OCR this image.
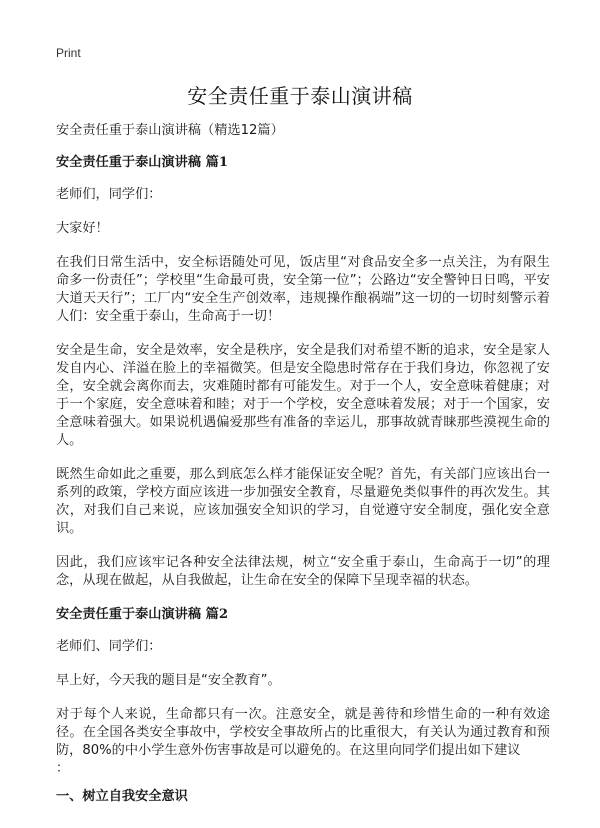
Print
安全责任重于泰山演讲稿

安全责任重于泰山演讲稿（精选12篇）

安全责任重于泰山演讲稿 篇1

老师们，同学们：

大家好！

在我们日常生活中，安全标语随处可见，饭店里“对食品安全多一点关注，为有限生命多一份责任”；学校里“生命最可贵，安全第一位”；公路边“安全警钟日日鸣，平安大道天天行”；工厂内“安全生产创效率，违规操作酿祸端”这一切的一切时刻警示着人们：安全重于泰山，生命高于一切！

安全是生命，安全是效率，安全是秩序，安全是我们对希望不断的追求，安全是家人发自内心、洋溢在脸上的幸福微笑。但是安全隐患时常存在于我们身边，你忽视了安全，安全就会离你而去，灾难随时都有可能发生。对于一个人，安全意味着健康；对于一个家庭，安全意味着和睦；对于一个学校，安全意味着发展；对于一个国家，安全意味着强大。如果说机遇偏爱那些有准备的幸运儿，那事故就青睐那些漠视生命的人。

既然生命如此之重要，那么到底怎么样才能保证安全呢？首先，有关部门应该出台一系列的政策，学校方面应该进一步加强安全教育，尽量避免类似事件的再次发生。其次，对我们自己来说，应该加强安全知识的学习，自觉遵守安全制度，强化安全意识。

因此，我们应该牢记各种安全法律法规，树立“安全重于泰山，生命高于一切”的理念，从现在做起，从自我做起，让生命在安全的保障下呈现幸福的状态。

安全责任重于泰山演讲稿 篇2

老师们、同学们：

早上好，今天我的题目是“安全教育”。

对于每个人来说，生命都只有一次。注意安全，就是善待和珍惜生命的一种有效途径。在全国各类安全事故中，学校安全事故所占的比重很大，有关认为通过教育和预防，80%的中小学生意外伤害事故是可以避免的。在这里向同学们提出如下建议

：

一、树立自我安全意识
